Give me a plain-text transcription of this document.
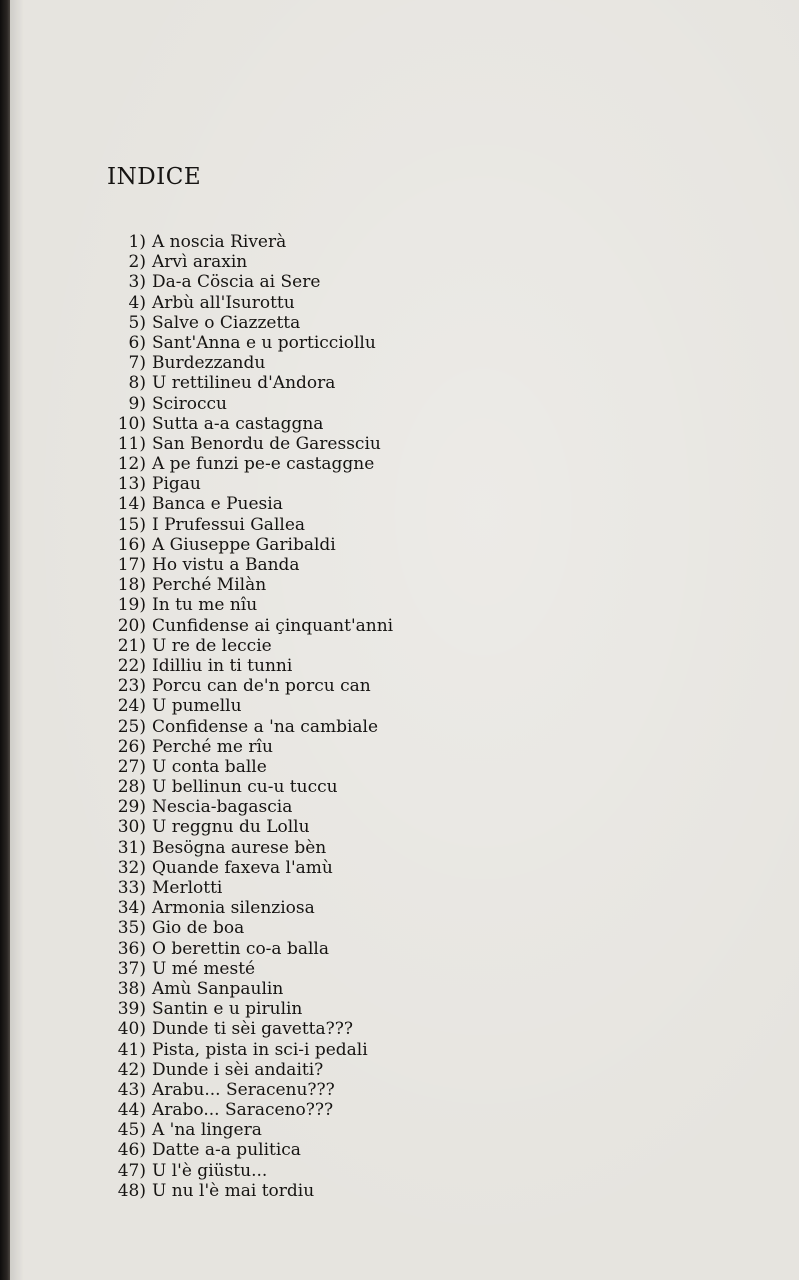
INDICE
1) A noscia Riverà
2) Arvì araxin
3) Da-a Cöscia ai Sere
4) Arbù all'Isurottu
5) Salve o Ciazzetta
6) Sant'Anna e u porticciollu
7) Burdezzandu
8) U rettilineu d'Andora
9) Sciroccu
10) Sutta a-a castaggna
11) San Benordu de Garessciu
12) A pe funzi pe-e castaggne
13) Pigau
14) Banca e Puesia
15) I Prufessui Gallea
16) A Giuseppe Garibaldi
17) Ho vistu a Banda
18) Perché Milàn
19) In tu me nîu
20) Cunfidense ai çinquant'anni
21) U re de leccie
22) Idilliu in ti tunni
23) Porcu can de'n porcu can
24) U pumellu
25) Confidense a 'na cambiale
26) Perché me rîu
27) U conta balle
28) U bellinun cu-u tuccu
29) Nescia-bagascia
30) U reggnu du Lollu
31) Besögna aurese bèn
32) Quande faxeva l'amù
33) Merlotti
34) Armonia silenziosa
35) Gio de boa
36) O berettin co-a balla
37) U mé mesté
38) Amù Sanpaulin
39) Santin e u pirulin
40) Dunde ti sèi gavetta???
41) Pista, pista in sci-i pedali
42) Dunde i sèi andaiti?
43) Arabu... Seracenu???
44) Arabo... Saraceno???
45) A 'na lingera
46) Datte a-a pulitica
47) U l'è giüstu...
48) U nu l'è mai tordiu
